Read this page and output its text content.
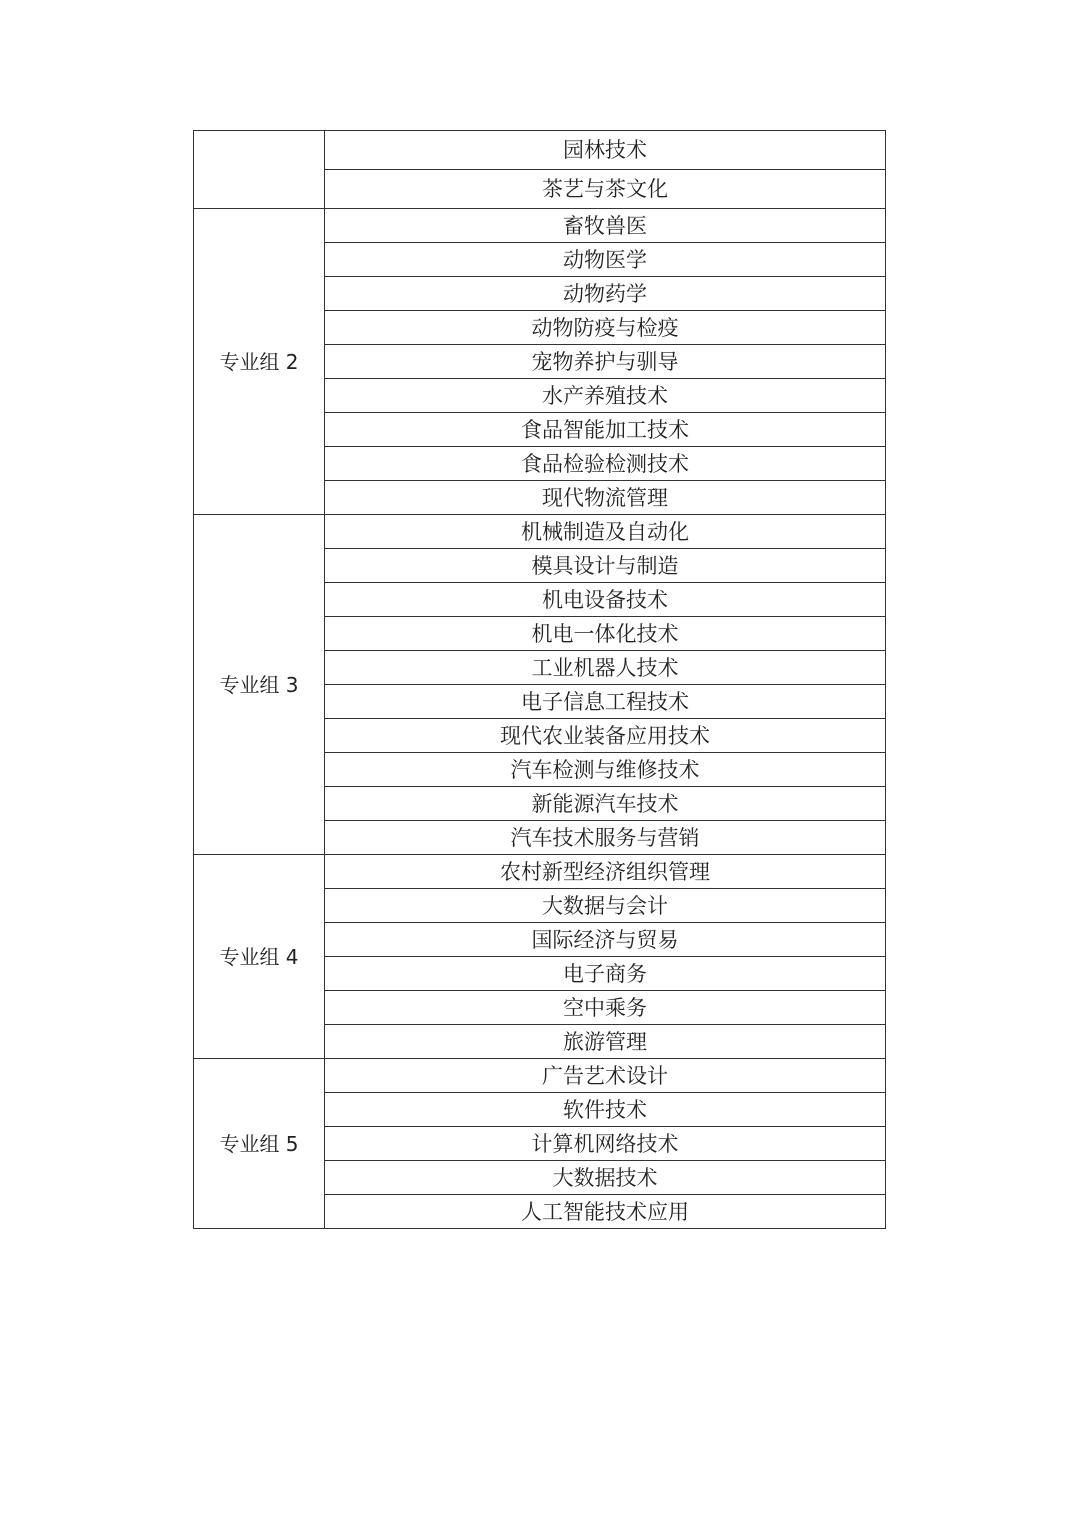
	园林技术
	茶艺与茶文化
专业组 2	畜牧兽医
	动物医学
	动物药学
	动物防疫与检疫
	宠物养护与驯导
	水产养殖技术
	食品智能加工技术
	食品检验检测技术
	现代物流管理
专业组 3	机械制造及自动化
	模具设计与制造
	机电设备技术
	机电一体化技术
	工业机器人技术
	电子信息工程技术
	现代农业装备应用技术
	汽车检测与维修技术
	新能源汽车技术
	汽车技术服务与营销
专业组 4	农村新型经济组织管理
	大数据与会计
	国际经济与贸易
	电子商务
	空中乘务
	旅游管理
专业组 5	广告艺术设计
	软件技术
	计算机网络技术
	大数据技术
	人工智能技术应用
